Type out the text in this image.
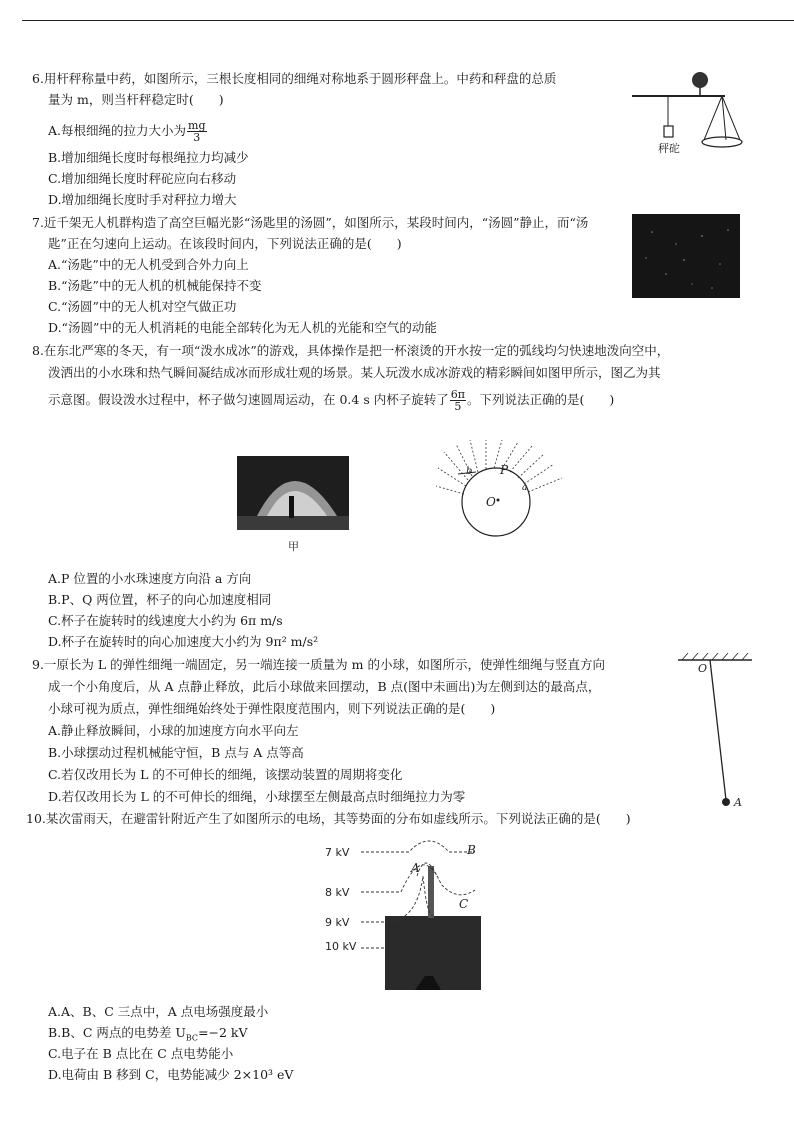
6.用杆秤称量中药，如图所示，三根长度相同的细绳对称地系于圆形秤盘上。中药和秤盘的总质
量为 m，则当杆秤稳定时(　　)
A.每根细绳的拉力大小为 $\frac{mg}{3}$
B.增加细绳长度时每根绳拉力均减少
C.增加细绳长度时秤砣应向右移动
D.增加细绳长度时手对秤拉力增大
秤砣
7.近千架无人机群构造了高空巨幅光影“汤匙里的汤圆”，如图所示，某段时间内，“汤圆”静止，而“汤
匙”正在匀速向上运动。在该段时间内，下列说法正确的是(　　)
A.“汤匙”中的无人机受到合外力向上
B.“汤匙”中的无人机的机械能保持不变
C.“汤圆”中的无人机对空气做正功
D.“汤圆”中的无人机消耗的电能全部转化为无人机的光能和空气的动能
8.在东北严寒的冬天，有一项“泼水成冰”的游戏，具体操作是把一杯滚烫的开水按一定的弧线均匀快速地泼向空中，
泼洒出的小水珠和热气瞬间凝结成冰而形成壮观的场景。某人玩泼水成冰游戏的精彩瞬间如图甲所示，图乙为其
示意图。假设泼水过程中，杯子做匀速圆周运动，在 0.4 s 内杯子旋转了 $\frac{6\pi}{5}$ 。下列说法正确的是(　　)
甲
b P
a
O
A.P 位置的小水珠速度方向沿 a 方向
B.P、Q 两位置，杯子的向心加速度相同
C.杯子在旋转时的线速度大小约为 6π m/s
D.杯子在旋转时的向心加速度大小约为 9π² m/s²
9.一原长为 L 的弹性细绳一端固定，另一端连接一质量为 m 的小球，如图所示，使弹性细绳与竖直方向
成一个小角度后，从 A 点静止释放，此后小球做来回摆动，B 点(图中未画出)为左侧到达的最高点，
小球可视为质点，弹性细绳始终处于弹性限度范围内，则下列说法正确的是(　　)
A.静止释放瞬间，小球的加速度方向水平向左
B.小球摆动过程机械能守恒，B 点与 A 点等高
C.若仅改用长为 L 的不可伸长的细绳，该摆动装置的周期将变化
D.若仅改用长为 L 的不可伸长的细绳，小球摆至左侧最高点时细绳拉力为零
O
A
10.某次雷雨天，在避雷针附近产生了如图所示的电场，其等势面的分布如虚线所示。下列说法正确的是(　　)
7 kV
8 kV
9 kV
10 kV
A
B
C
A.A、B、C 三点中，A 点电场强度最小
B.B、C 两点的电势差 $U_{BC}=-2$ kV
C.电子在 B 点比在 C 点电势能小
D.电荷由 B 移到 C，电势能减少 2×10³ eV
